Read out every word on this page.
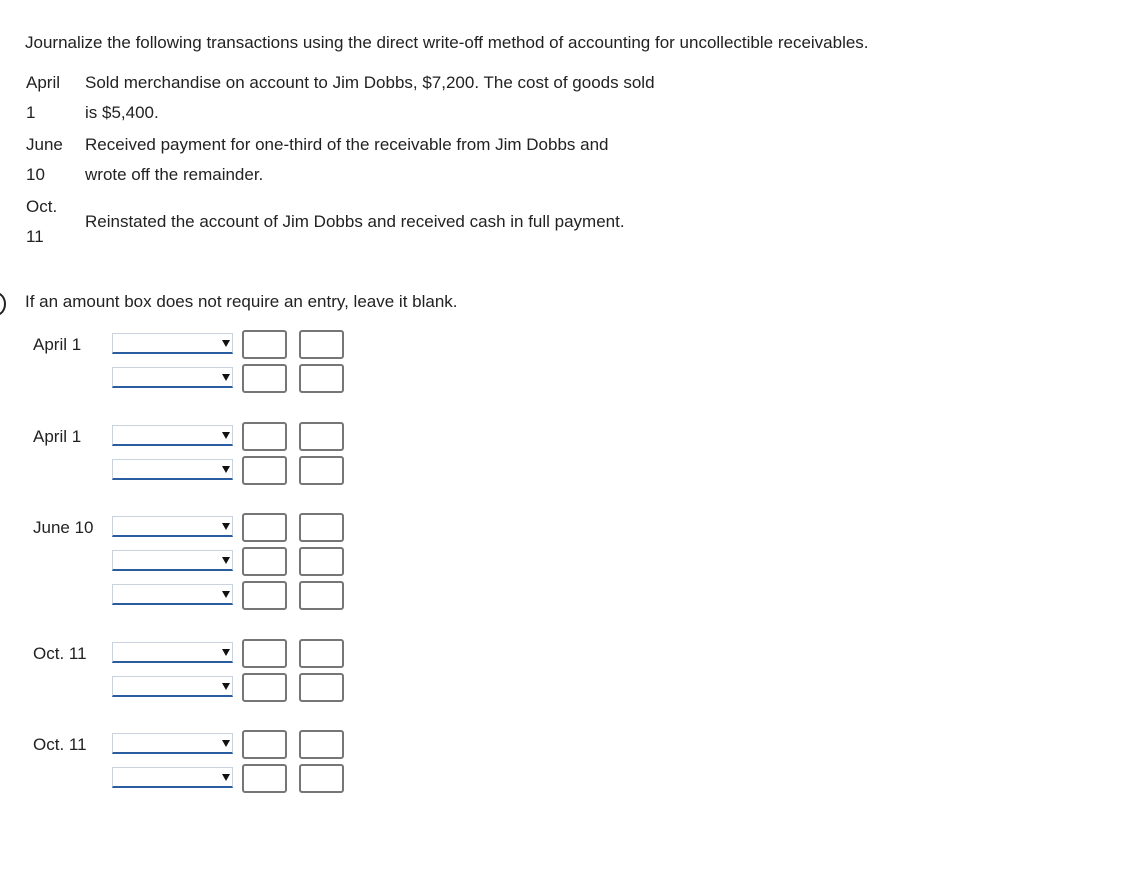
Journalize the following transactions using the direct write-off method of accounting for uncollectible receivables.
April
1
Sold merchandise on account to Jim Dobbs, $7,200. The cost of goods sold
is $5,400.
June
10
Received payment for one-third of the receivable from Jim Dobbs and
wrote off the remainder.
Oct.
11
Reinstated the account of Jim Dobbs and received cash in full payment.
If an amount box does not require an entry, leave it blank.
April 1
April 1
June 10
Oct. 11
Oct. 11
